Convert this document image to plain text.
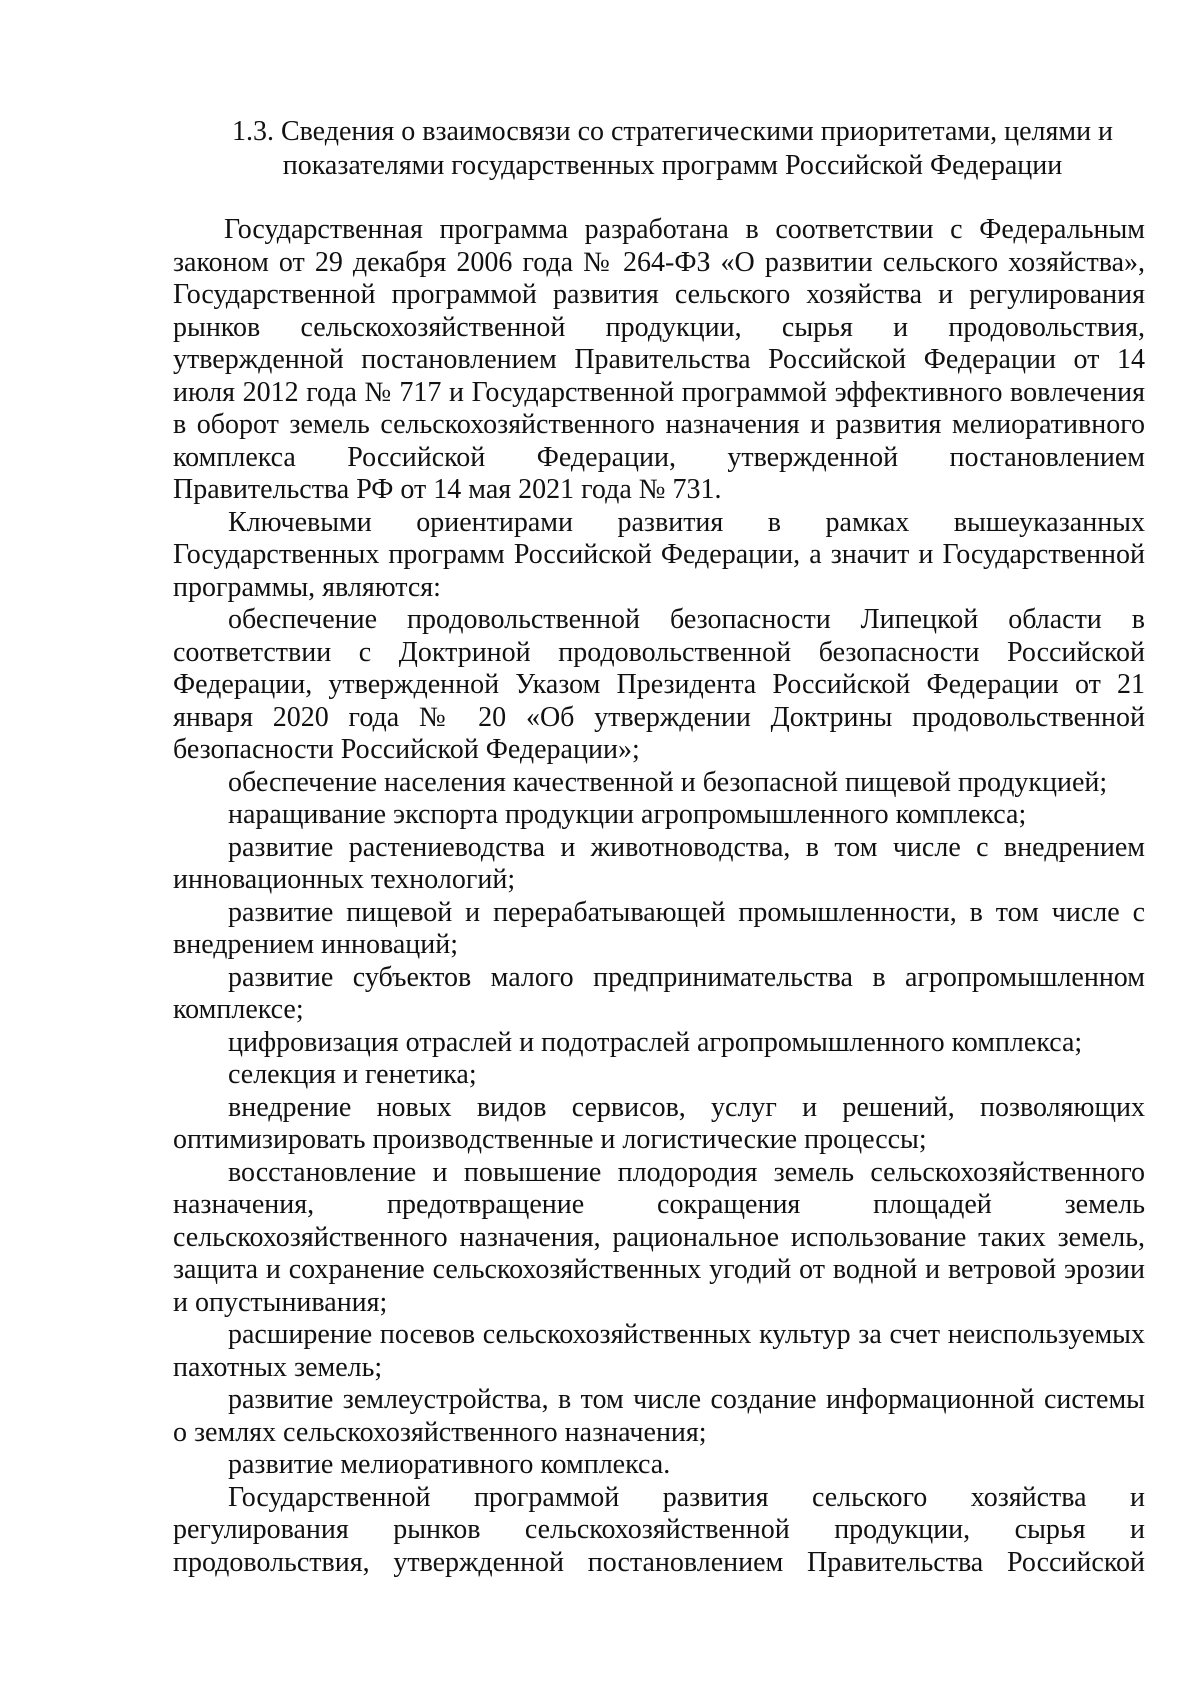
1.3. Сведения о взаимосвязи со стратегическими приоритетами, целями и
показателями государственных программ Российской Федерации

Государственная программа разработана в соответствии с Федеральным законом от 29 декабря 2006 года № 264-ФЗ «О развитии сельского хозяйства», Государственной программой развития сельского хозяйства и регулирования рынков сельскохозяйственной продукции, сырья и продовольствия, утвержденной постановлением Правительства Российской Федерации от 14 июля 2012 года № 717 и Государственной программой эффективного вовлечения в оборот земель сельскохозяйственного назначения и развития мелиоративного комплекса Российской Федерации, утвержденной постановлением Правительства РФ от 14 мая 2021 года № 731.

Ключевыми ориентирами развития в рамках вышеуказанных Государственных программ Российской Федерации, а значит и Государственной программы, являются:

обеспечение продовольственной безопасности Липецкой области в соответствии с Доктриной продовольственной безопасности Российской Федерации, утвержденной Указом Президента Российской Федерации от 21 января 2020 года № 20 «Об утверждении Доктрины продовольственной безопасности Российской Федерации»;

обеспечение населения качественной и безопасной пищевой продукцией;

наращивание экспорта продукции агропромышленного комплекса;

развитие растениеводства и животноводства, в том числе с внедрением инновационных технологий;

развитие пищевой и перерабатывающей промышленности, в том числе с внедрением инноваций;

развитие субъектов малого предпринимательства в агропромышленном комплексе;

цифровизация отраслей и подотраслей агропромышленного комплекса;

селекция и генетика;

внедрение новых видов сервисов, услуг и решений, позволяющих оптимизировать производственные и логистические процессы;

восстановление и повышение плодородия земель сельскохозяйственного назначения, предотвращение сокращения площадей земель сельскохозяйственного назначения, рациональное использование таких земель, защита и сохранение сельскохозяйственных угодий от водной и ветровой эрозии и опустынивания;

расширение посевов сельскохозяйственных культур за счет неиспользуемых пахотных земель;

развитие землеустройства, в том числе создание информационной системы о землях сельскохозяйственного назначения;

развитие мелиоративного комплекса.

Государственной программой развития сельского хозяйства и регулирования рынков сельскохозяйственной продукции, сырья и продовольствия, утвержденной постановлением Правительства Российской
